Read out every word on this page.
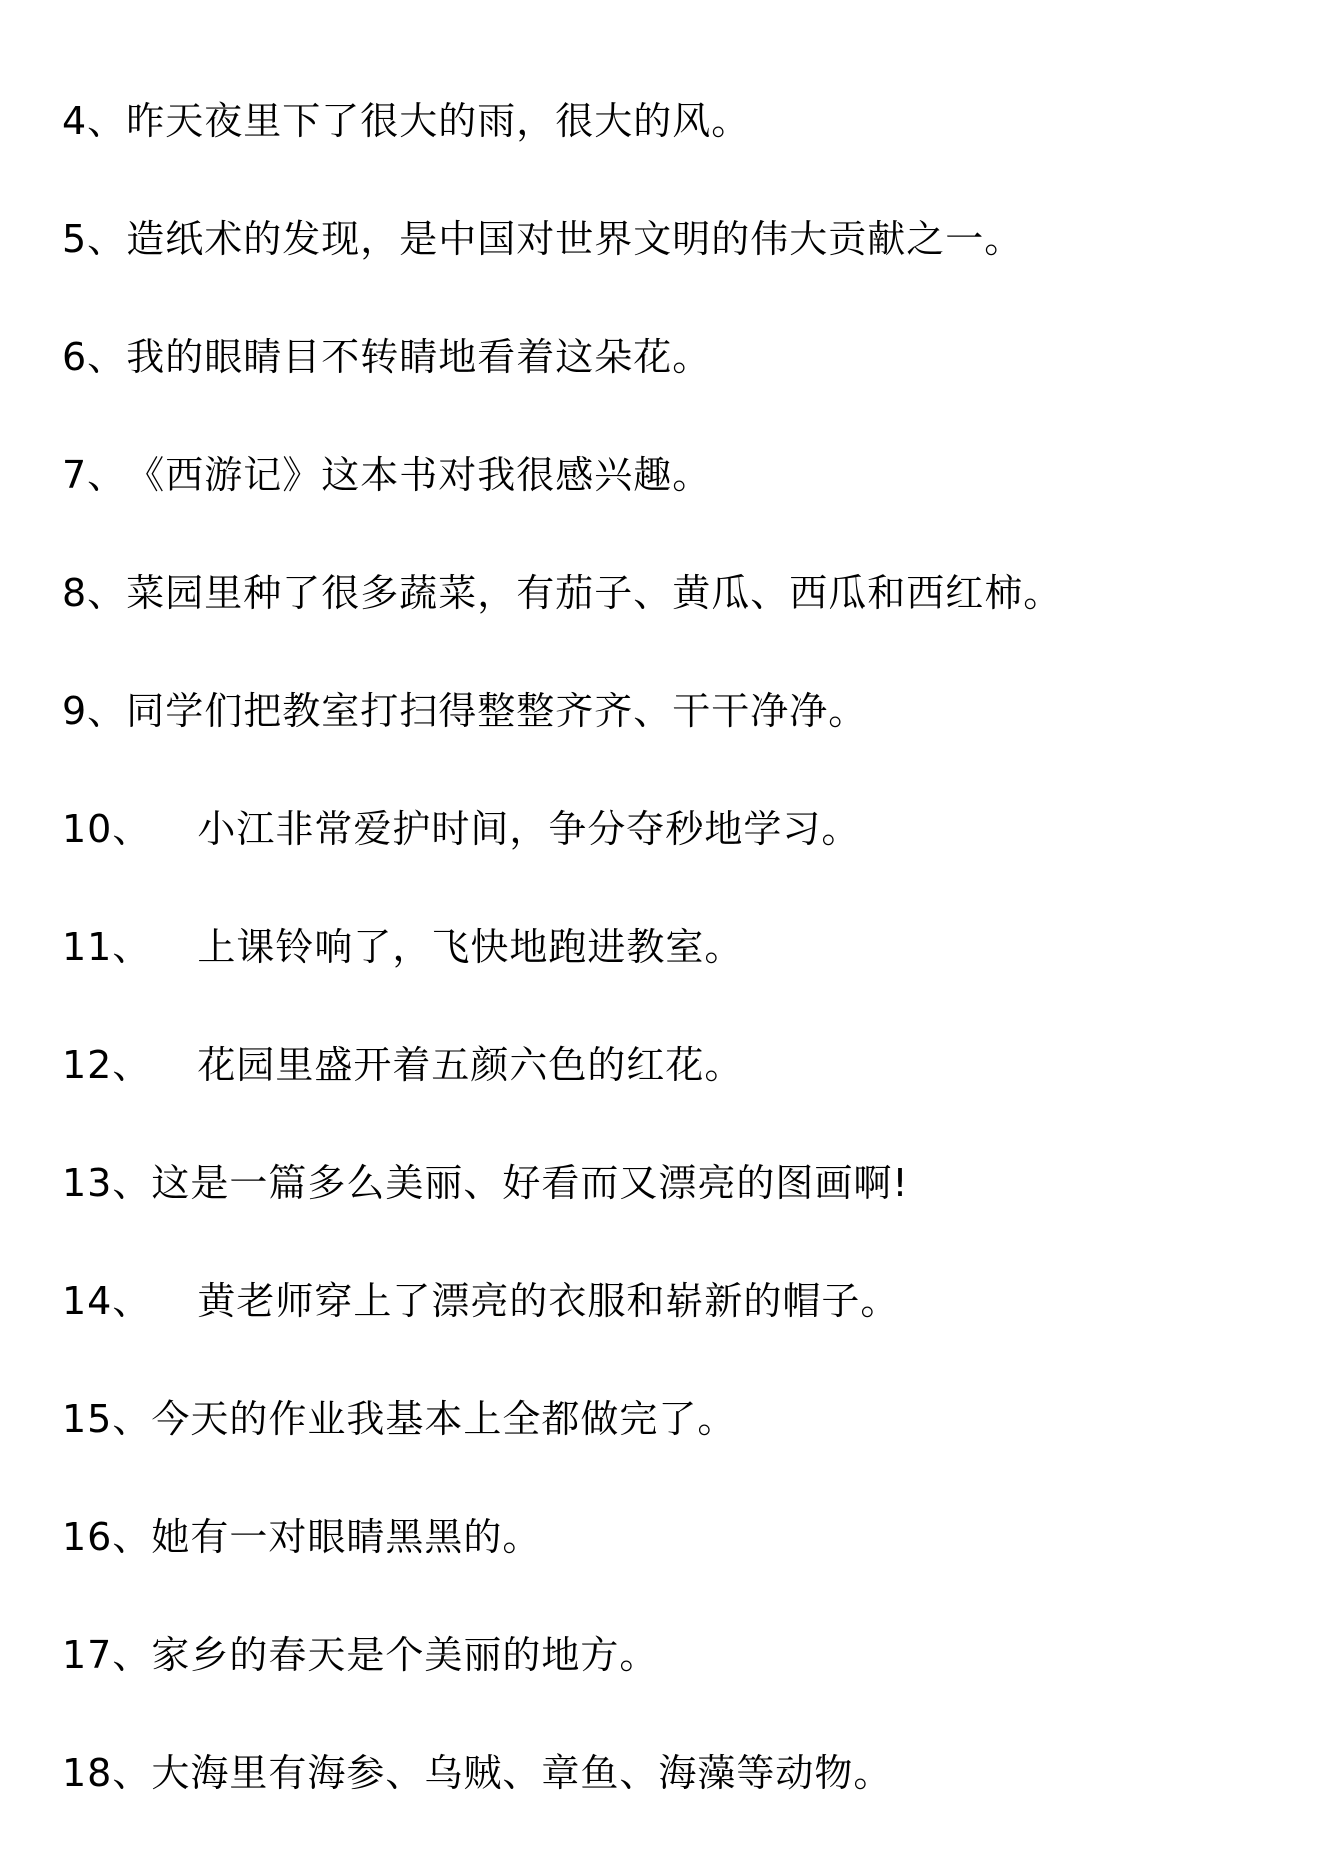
4、 昨天夜里下了很大的雨，很大的风。
5、 造纸术的发现，是中国对世界文明的伟大贡献之一。
6、 我的眼睛目不转睛地看着这朵花。
7、 《西游记》这本书对我很感兴趣。
8、 菜园里种了很多蔬菜，有茄子、黄瓜、西瓜和西红柿。
9、 同学们把教室打扫得整整齐齐、干干净净。
10、 小江非常爱护时间，争分夺秒地学习。
11、 上课铃响了，飞快地跑进教室。
12、 花园里盛开着五颜六色的红花。
13、 这是一篇多么美丽、好看而又漂亮的图画啊!
14、 黄老师穿上了漂亮的衣服和崭新的帽子。
15、 今天的作业我基本上全都做完了。
16、 她有一对眼睛黑黑的。
17、 家乡的春天是个美丽的地方。
18、 大海里有海参、乌贼、章鱼、海藻等动物。
